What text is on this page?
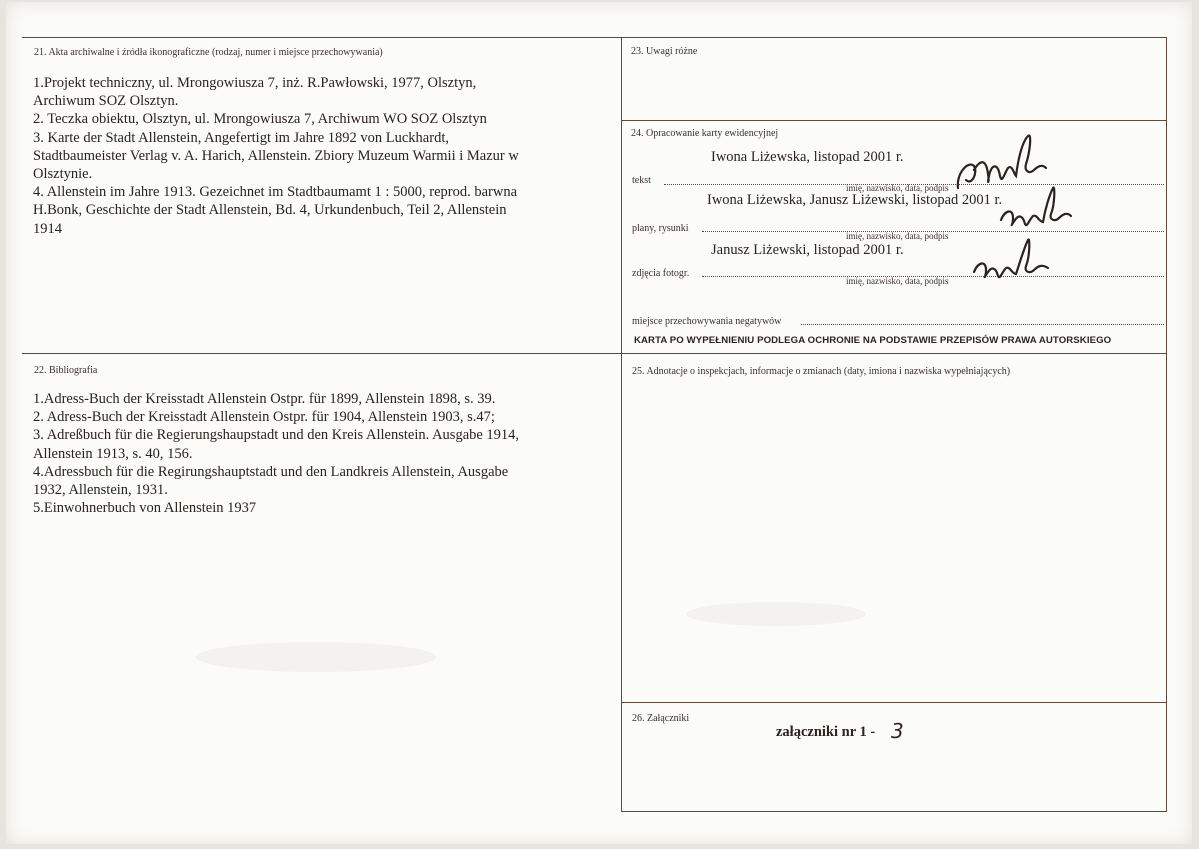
21. Akta archiwalne i źródła ikonograficzne (rodzaj, numer i miejsce przechowywania)
1.Projekt techniczny, ul. Mrongowiusza 7, inż. R.Pawłowski, 1977, Olsztyn,
Archiwum SOZ Olsztyn.
2. Teczka obiektu, Olsztyn, ul. Mrongowiusza 7, Archiwum WO SOZ Olsztyn
3. Karte der Stadt Allenstein, Angefertigt im Jahre 1892 von Luckhardt,
Stadtbaumeister Verlag v. A. Harich, Allenstein. Zbiory Muzeum Warmii i Mazur w
Olsztynie.
4. Allenstein im Jahre 1913. Gezeichnet im Stadtbaumamt 1 : 5000, reprod. barwna
H.Bonk, Geschichte der Stadt Allenstein, Bd. 4, Urkundenbuch, Teil 2, Allenstein
1914
22. Bibliografia
1.Adress-Buch der Kreisstadt Allenstein Ostpr. für 1899, Allenstein 1898, s. 39.
2. Adress-Buch der Kreisstadt Allenstein Ostpr. für 1904, Allenstein 1903, s.47;
3. Adreßbuch für die Regierungshaupstadt und den Kreis Allenstein. Ausgabe 1914,
Allenstein 1913, s. 40, 156.
4.Adressbuch für die Regirungshauptstadt und den Landkreis Allenstein, Ausgabe
1932, Allenstein, 1931.
5.Einwohnerbuch von Allenstein 1937
23. Uwagi różne
24. Opracowanie karty ewidencyjnej
Iwona Liżewska, listopad 2001 r.
tekst
imię, nazwisko, data, podpis
Iwona Liżewska, Janusz Liżewski, listopad 2001 r.
plany, rysunki
imię, nazwisko, data, podpis
Janusz Liżewski, listopad 2001 r.
zdjęcia fotogr.
imię, nazwisko, data, podpis
miejsce przechowywania negatywów
KARTA PO WYPEŁNIENIU PODLEGA OCHRONIE NA PODSTAWIE PRZEPISÓW PRAWA AUTORSKIEGO
25. Adnotacje o inspekcjach, informacje o zmianach (daty, imiona i nazwiska wypełniających)
26. Załączniki
załączniki nr 1 - 3
